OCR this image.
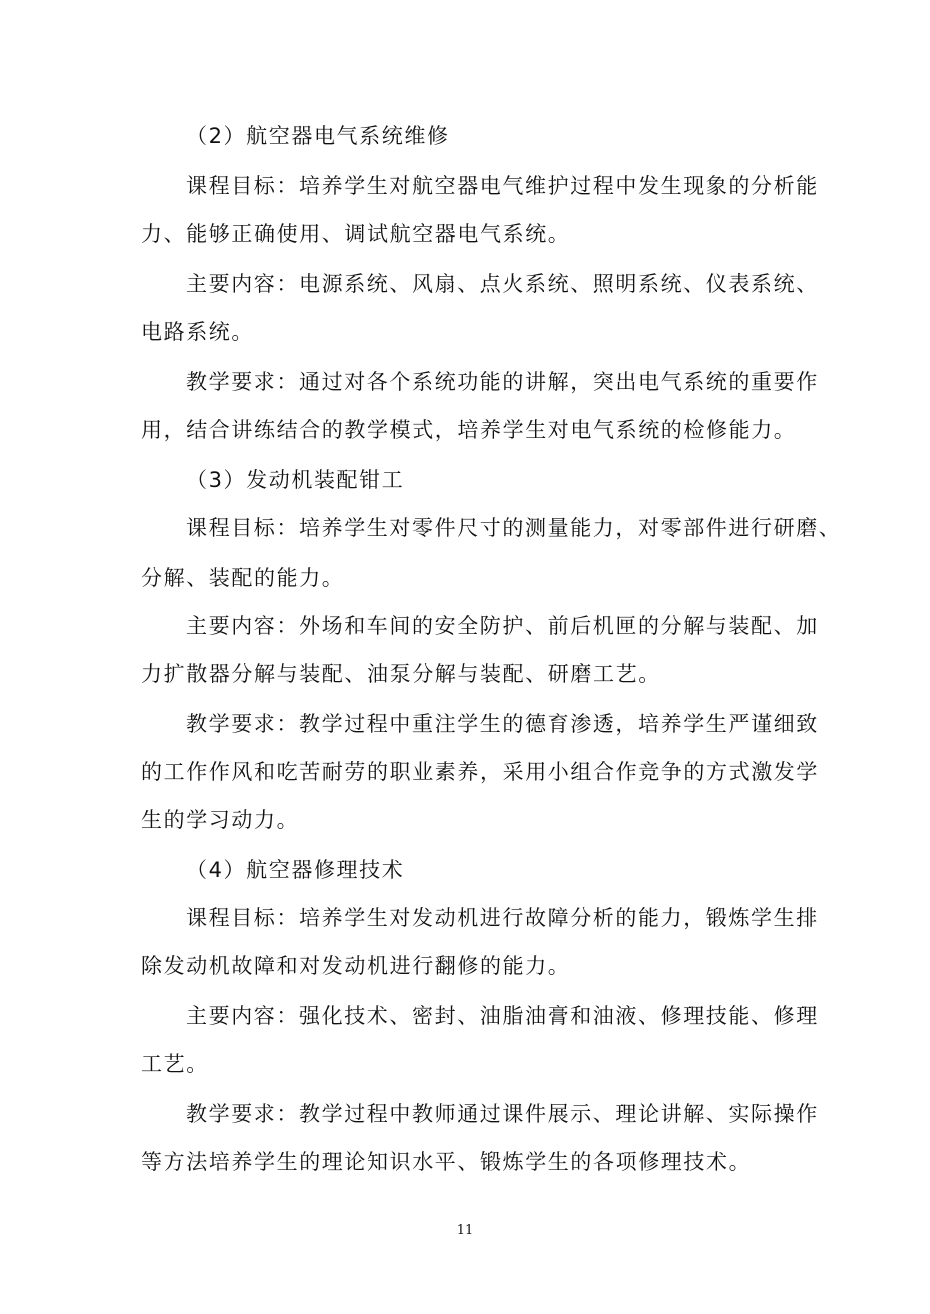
（2）航空器电气系统维修
课程目标：培养学生对航空器电气维护过程中发生现象的分析能
力、能够正确使用、调试航空器电气系统。
主要内容：电源系统、风扇、点火系统、照明系统、仪表系统、
电路系统。
教学要求：通过对各个系统功能的讲解，突出电气系统的重要作
用，结合讲练结合的教学模式，培养学生对电气系统的检修能力。
（3）发动机装配钳工
课程目标：培养学生对零件尺寸的测量能力，对零部件进行研磨、
分解、装配的能力。
主要内容：外场和车间的安全防护、前后机匣的分解与装配、加
力扩散器分解与装配、油泵分解与装配、研磨工艺。
教学要求：教学过程中重注学生的德育渗透，培养学生严谨细致
的工作作风和吃苦耐劳的职业素养，采用小组合作竞争的方式激发学
生的学习动力。
（4）航空器修理技术
课程目标：培养学生对发动机进行故障分析的能力，锻炼学生排
除发动机故障和对发动机进行翻修的能力。
主要内容：强化技术、密封、油脂油膏和油液、修理技能、修理
工艺。
教学要求：教学过程中教师通过课件展示、理论讲解、实际操作
等方法培养学生的理论知识水平、锻炼学生的各项修理技术。
11
